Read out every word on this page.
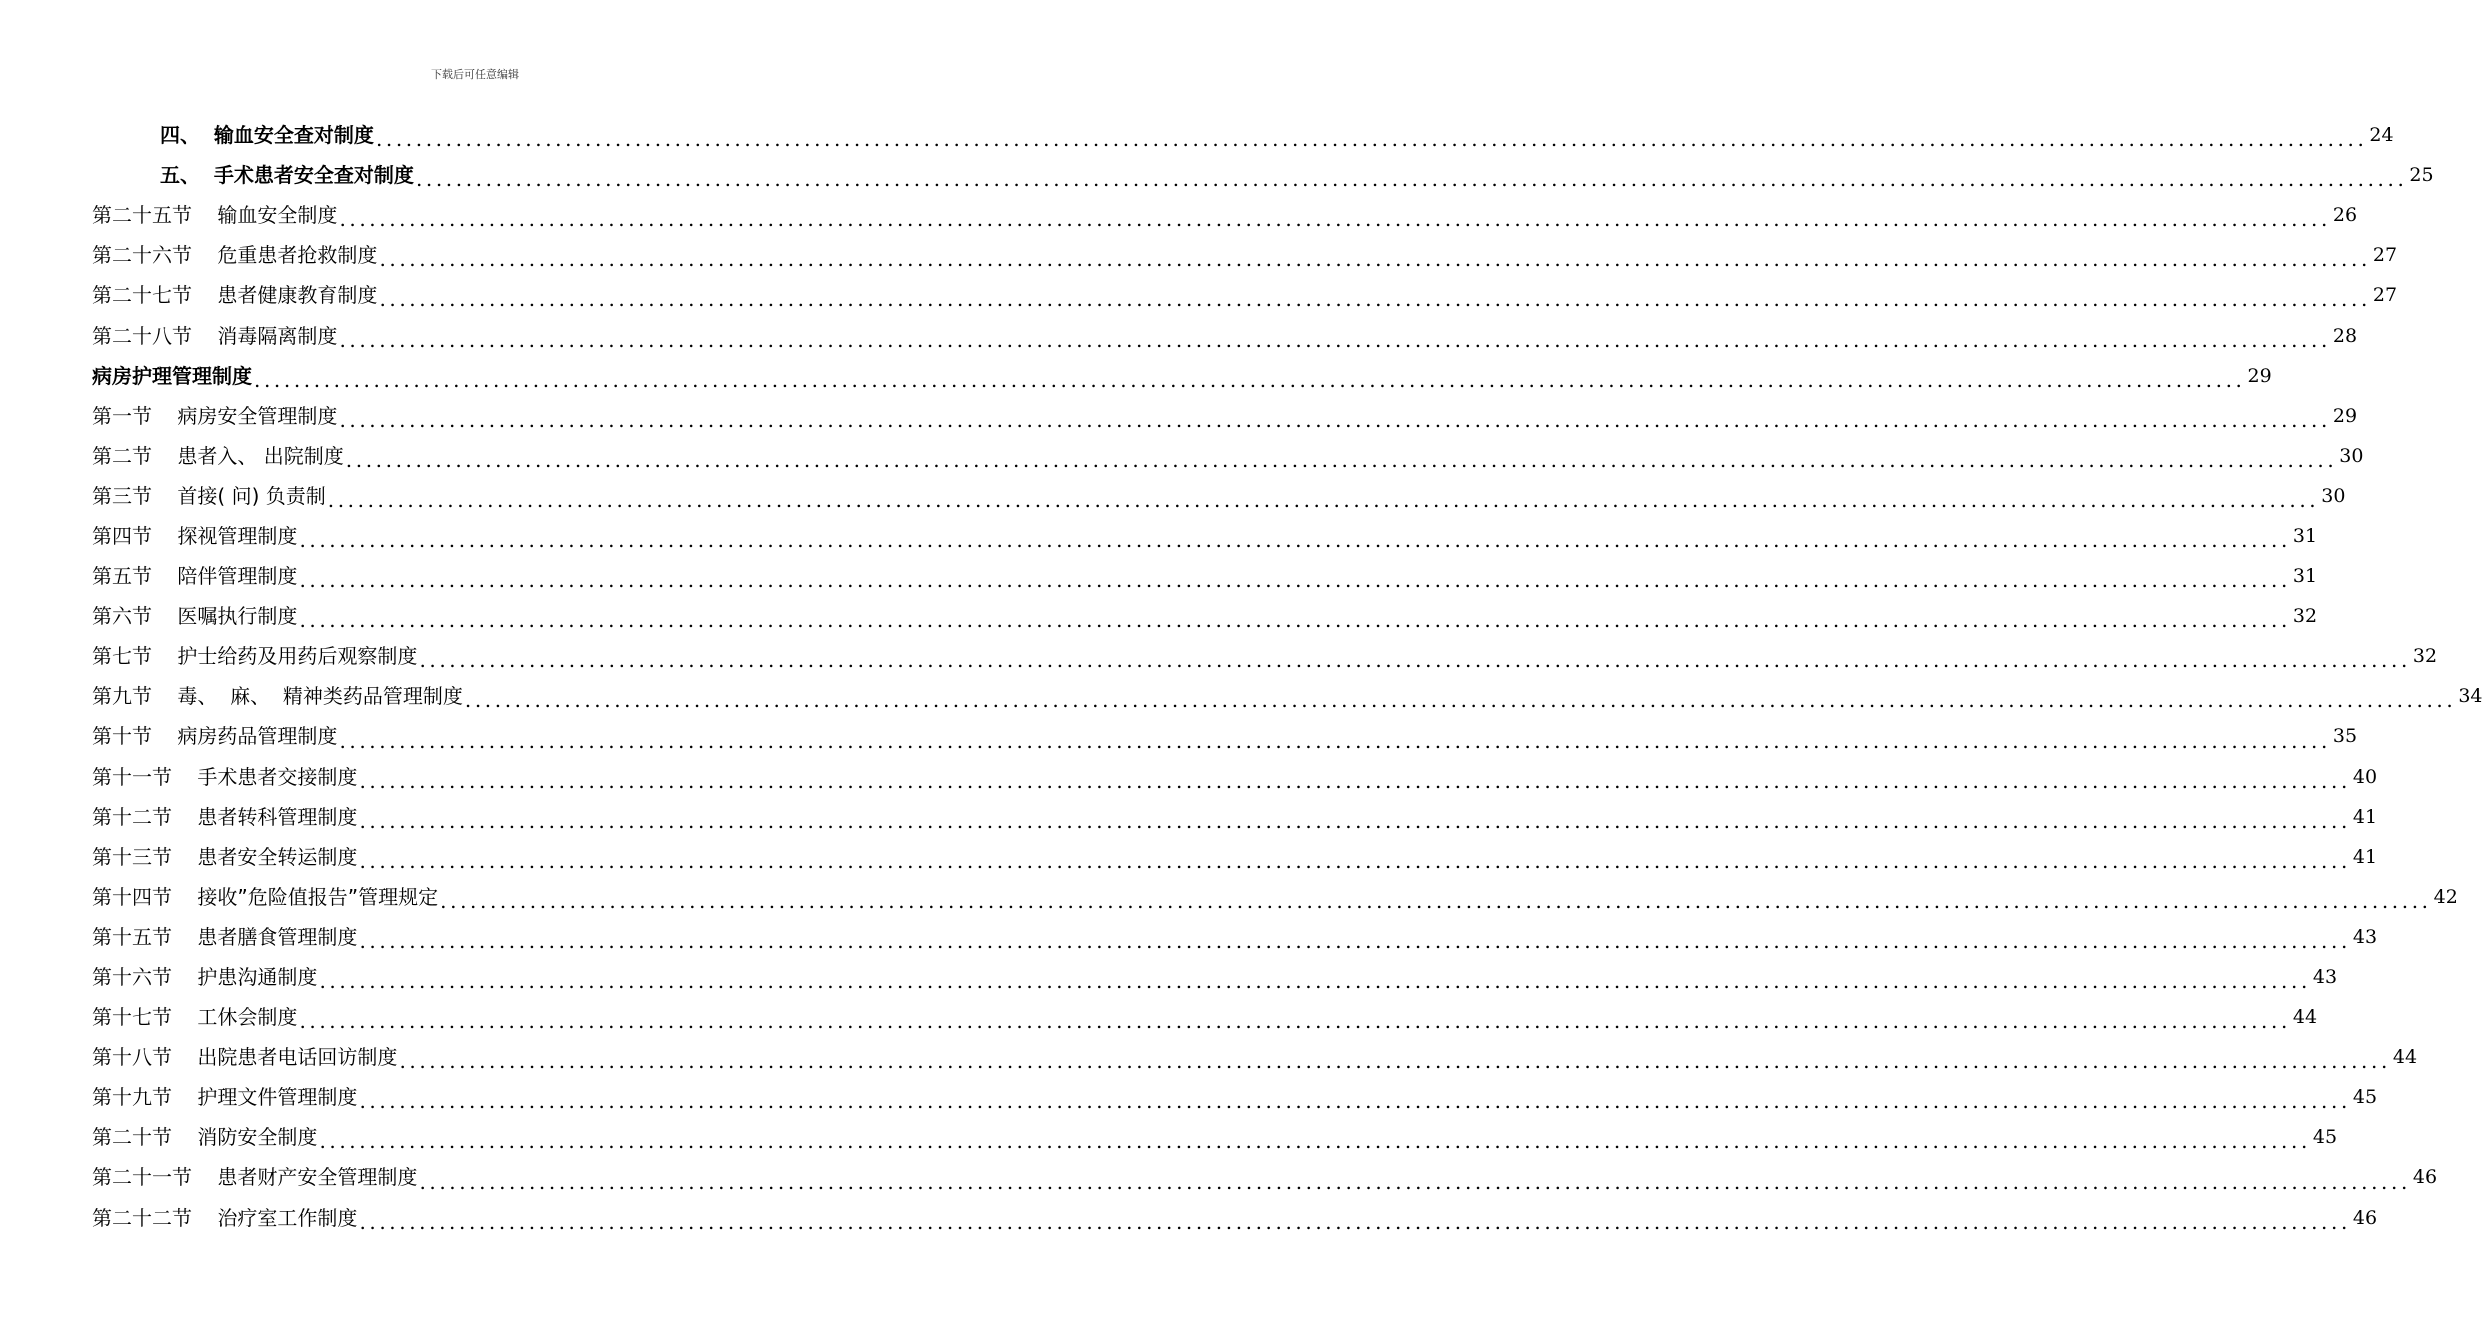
下载后可任意编辑
四、  输血安全查对制度 ........................................................................................................................................................................................................ 24
五、  手术患者安全查对制度 ........................................................................................................................................................................................................ 25
第二十五节    输血安全制度 ........................................................................................................................................................................................................ 26
第二十六节    危重患者抢救制度 ........................................................................................................................................................................................................ 27
第二十七节    患者健康教育制度 ........................................................................................................................................................................................................ 27
第二十八节    消毒隔离制度 ........................................................................................................................................................................................................ 28
病房护理管理制度 ........................................................................................................................................................................................................ 29
第一节    病房安全管理制度 ........................................................................................................................................................................................................ 29
第二节    患者入、 出院制度 ........................................................................................................................................................................................................ 30
第三节    首接( 问) 负责制 ........................................................................................................................................................................................................ 30
第四节    探视管理制度 ........................................................................................................................................................................................................ 31
第五节    陪伴管理制度 ........................................................................................................................................................................................................ 31
第六节    医嘱执行制度 ........................................................................................................................................................................................................ 32
第七节    护士给药及用药后观察制度 ........................................................................................................................................................................................................ 32
第九节    毒、  麻、  精神类药品管理制度 ........................................................................................................................................................................................................ 34
第十节    病房药品管理制度 ........................................................................................................................................................................................................ 35
第十一节    手术患者交接制度 ........................................................................................................................................................................................................ 40
第十二节    患者转科管理制度 ........................................................................................................................................................................................................ 41
第十三节    患者安全转运制度 ........................................................................................................................................................................................................ 41
第十四节    接收”危险值报告”管理规定 ........................................................................................................................................................................................................ 42
第十五节    患者膳食管理制度 ........................................................................................................................................................................................................ 43
第十六节    护患沟通制度 ........................................................................................................................................................................................................ 43
第十七节    工休会制度 ........................................................................................................................................................................................................ 44
第十八节    出院患者电话回访制度 ........................................................................................................................................................................................................ 44
第十九节    护理文件管理制度 ........................................................................................................................................................................................................ 45
第二十节    消防安全制度 ........................................................................................................................................................................................................ 45
第二十一节    患者财产安全管理制度 ........................................................................................................................................................................................................ 46
第二十二节    治疗室工作制度 ........................................................................................................................................................................................................ 46
